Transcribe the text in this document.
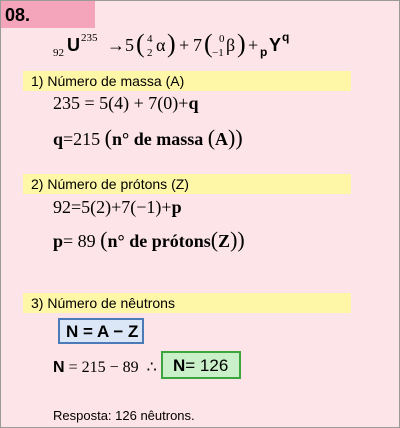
08.
92 U 235 → 5 ( 4
2 α ) + 7 ( 0
−1 β ) + p Y q
1) Número de massa (A)
235 = 5(4) + 7(0)+q
q=215 (n° de massa (A))
2) Número de prótons (Z)
92=5(2)+7(−1)+p
p= 89 (n° de prótons(Z))
3) Número de nêutrons
N = A − Z
N = 215 − 89 ∴ N= 126
Resposta: 126 nêutrons.
